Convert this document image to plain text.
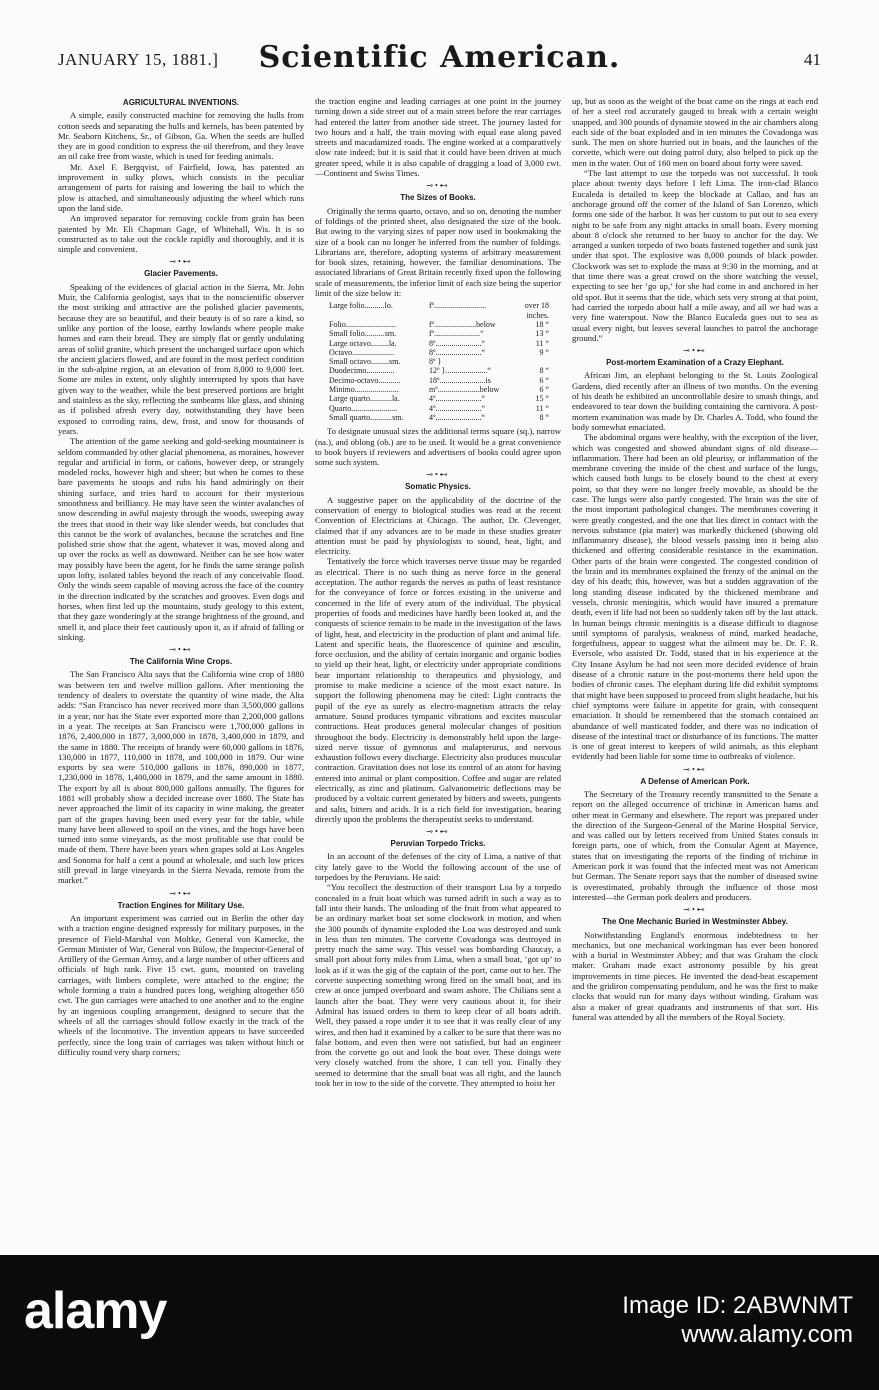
JANUARY 15, 1881.]	Scientific American.	41
AGRICULTURAL INVENTIONS.

A simple, easily constructed machine for removing the hulls from cotton seeds and separating the hulls and kernels, has been patented by Mr. Seaborn Kitchens, Sr., of Gibson, Ga. When the seeds are hulled they are in good condition to express the oil therefrom, and they leave an oil cake free from waste, which is used for feeding animals.

Mr. Axel F. Bergqvist, of Fairfield, Iowa, has patented an improvement in sulky plows, which consists in the peculiar arrangement of parts for raising and lowering the bail to which the plow is attached, and simultaneously adjusting the wheel which runs upon the land side.

An improved separator for removing cockle from grain has been patented by Mr. Eli Chapman Gage, of Whitehall, Wis. It is so constructed as to take out the cockle rapidly and thoroughly, and it is simple and convenient.

⊸•⊷
Glacier Pavements.

Speaking of the evidences of glacial action in the Sierra, Mr. John Muir, the California geologist, says that to the nonscientific observer the most striking and attractive are the polished glacier pavements, because they are so beautiful, and their beauty is of so rare a kind, so unlike any portion of the loose, earthy lowlands where people make homes and earn their bread. They are simply flat or gently undulating areas of solid granite, which present the unchanged surface upon which the ancient glaciers flowed, and are found in the most perfect condition in the sub-alpine region, at an elevation of from 8,000 to 9,000 feet. Some are miles in extent, only slightly interrupted by spots that have given way to the weather, while the best preserved portions are bright and stainless as the sky, reflecting the sunbeams like glass, and shining as if polished afresh every day, notwithstanding they have been exposed to corroding rains, dew, frost, and snow for thousands of years.

The attention of the game seeking and gold-seeking mountaineer is seldom commanded by other glacial phenomena, as moraines, however regular and artificial in form, or cañons, however deep, or strangely modeled rocks, however high and sheer; but when he comes to these bare pavements he stoops and rubs his hand admiringly on their shining surface, and tries hard to account for their mysterious smoothness and brilliancy. He may have seen the winter avalanches of snow descending in awful majesty through the woods, sweeping away the trees that stood in their way like slender weeds, but concludes that this cannot be the work of avalanches, because the scratches and fine polished strie show that the agent, whatever it was, moved along and up over the rocks as well as downward. Neither can he see how water may possibly have been the agent, for he finds the same strange polish upon lofty, isolated tables beyond the reach of any conceivable flood. Only the winds seem capable of moving across the face of the country in the direction indicated by the scratches and grooves. Even dogs and horses, when first led up the mountains, study geology to this extent, that they gaze wonderingly at the strange brightness of the ground, and smell it, and place their feet cautiously upon it, as if afraid of falling or sinking.

⊸•⊷
The California Wine Crops.

The San Francisco Alta says that the California wine crop of 1880 was between ten and twelve million gallons. After mentioning the tendency of dealers to overstate the quantity of wine made, the Alta adds: “San Francisco has never received more than 3,500,000 gallons in a year, nor has the State ever exported more than 2,200,000 gallons in a year. The receipts at San Francisco were 1,700,000 gallons in 1876, 2,400,000 in 1877, 3,000,000 in 1878, 3,400,000 in 1879, and the same in 1880. The receipts of brandy were 60,000 gallons in 1876, 130,000 in 1877, 110,000 in 1878, and 100,000 in 1879. Our wine exports by sea were 510,000 gallons in 1876, 890,000 in 1877, 1,230,000 in 1878, 1,400,000 in 1879, and the same amount in 1880. The export by all is about 800,000 gallons annually. The figures for 1881 will probably show a decided increase over 1880. The State has never approached the limit of its capacity in wine making, the greater part of the grapes having been used every year for the table, while many have been allowed to spoil on the vines, and the hogs have been turned into some vineyards, as the most profitable use that could be made of them. There have been years when grapes sold at Los Angeles and Sonoma for half a cent a pound at wholesale, and such low prices still prevail in large vineyards in the Sierra Nevada, remote from the market.”

⊸•⊷
Traction Engines for Military Use.

An important experiment was carried out in Berlin the other day with a traction engine designed expressly for military purposes, in the presence of Field-Marshal von Moltke, General von Kamecke, the German Minister of War, General von Bülow, the Inspector-General of Artillery of the German Army, and a large number of other officers and officials of high rank. Five 15 cwt. guns, mounted on traveling carriages, with limbers complete, were attached to the engine; the whole forming a train a hundred paces long, weighing altogether 650 cwt. The gun carriages were attached to one another and to the engine by an ingenious coupling arrangement, designed to secure that the wheels of all the carriages should follow exactly in the track of the wheels of the locomotive. The invention appears to have succeeded perfectly, since the long train of carriages was taken without hitch or difficulty round very sharp corners;

the traction engine and leading carriages at one point in the journey turning down a side street out of a main street before the rear carriages had entered the latter from another side street. The journey lasted for two hours and a half, the train moving with equal ease along paved streets and macadamized roads. The engine worked at a comparatively slow rate indeed; but it is said that it could have been driven at much greater speed, while it is also capable of dragging a load of 3,000 cwt.—Continent and Swiss Times.

⊸•⊷
The Sizes of Books.

Originally the terms quarto, octavo, and so on, denoting the number of foldings of the printed sheet, also designated the size of the book. But owing to the varying sizes of paper now used in bookmaking the size of a book can no longer be inferred from the number of foldings. Librarians are, therefore, adopting systems of arbitrary measurement for book sizes, retaining, however, the familiar denominations. The associated librarians of Great Britain recently fixed upon the following scale of measurements, the inferior limit of each size being the superior limit of the size below it:

Large folio..........lo.	fº..........................	over 18 inches.
Folio.........................	fº.....................below	18 “
Small folio..........sm.	fº.......................“	13 “
Large octavo.........la.	8º.......................“	11 “
Octavo.....................	8º.......................“	9 “
Small octavo.........sm.	8º }
Duodecimo..............	12º }.....................“	8 “
Decimo-octavo...........	18º.......................is	6 “
Minimo......................	mº.....................below	6 “
Large quarto...........la.	4º.......................“	15 “
Quarto.......................	4º.......................“	11 “
Small quarto...........sm.	4º.......................“	8 “

To designate unusual sizes the additional terms square (sq.), narrow (na.), and oblong (ob.) are to be used. It would be a great convenience to book buyers if reviewers and advertisers of books could agree upon some such system.

⊸•⊷
Somatic Physics.

A suggestive paper on the applicability of the doctrine of the conservation of energy to biological studies was read at the recent Convention of Electricians at Chicago. The author, Dr. Clevenger, claimed that if any advances are to be made in these studies greater attention must be paid by physiologists to sound, heat, light, and electricity.

Tentatively the force which traverses nerve tissue may be regarded as electrical. There is no such thing as nerve force in the general acceptation. The author regards the nerves as paths of least resistance for the conveyance of force or forces existing in the universe and concerned in the life of every atom of the individual. The physical properties of foods and medicines have hardly been looked at, and the conquests of science remain to be made in the investigation of the laws of light, heat, and electricity in the production of plant and animal life. Latent and specific heats, the fluorescence of quinine and æsculin, force occlusion, and the ability of certain inorganic and organic bodies to yield up their heat, light, or electricity under appropriate conditions bear important relationship to therapeutics and physiology, and promise to make medicine a science of the most exact nature. In support the following phenomena may be cited: Light contracts the pupil of the eye as surely as electro-magnetism attracts the relay armature. Sound produces tympanic vibrations and excites muscular contractions. Heat produces general molecular changes of position throughout the body. Electricity is demonstrably held upon the large-sized nerve tissue of gymnotus and malapterurus, and nervous exhaustion follows every discharge. Electricity also produces muscular contraction. Gravitation does not lose its control of an atom for having entered into animal or plant composition. Coffee and sugar are related electrically, as zinc and platinum. Galvanometric deflections may be produced by a voltaic current generated by bitters and sweets, pungents and salts, bitters and acids. It is a rich field for investigation, bearing directly upon the problems the therapeutist seeks to understand.

⊸•⊷
Peruvian Torpedo Tricks.

In an account of the defenses of the city of Lima, a native of that city lately gave to the World the following account of the use of torpedoes by the Peruvians. He said:

“You recollect the destruction of their transport Loa by a torpedo concealed in a fruit boat which was turned adrift in such a way as to fall into their hands. The unloading of the fruit from what appeared to be an ordinary market boat set some clockwork in motion, and when the 300 pounds of dynamite exploded the Loa was destroyed and sunk in less than ten minutes. The corvette Covadonga was destroyed in pretty much the same way. This vessel was bombarding Chaucay, a small port about forty miles from Lima, when a small boat, ‘got up’ to look as if it was the gig of the captain of the port, came out to her. The corvette suspecting something wrong fired on the small boat, and its crew at once jumped overboard and swam ashore. The Chilians sent a launch after the boat. They were very cautious about it, for their Admiral has issued orders to them to keep clear of all boats adrift. Well, they passed a rope under it to see that it was really clear of any wires, and then had it examined by a calker to be sure that there was no false bottom, and even then were not satisfied, but had an engineer from the corvette go out and look the boat over. These doings were very closely watched from the shore, I can tell you. Finally they seemed to determine that the small boat was all right, and the launch took her in tow to the side of the corvette. They attempted to hoist her

up, but as soon as the weight of the boat came on the rings at each end of her a steel rod accurately gauged to break with a certain weight snapped, and 300 pounds of dynamite stowed in the air chambers along each side of the boat exploded and in ten minutes the Covadonga was sunk. The men on shore hurried out in boats, and the launches of the corvette, which were out doing patrol duty, also helped to pick up the men in the water. Out of 160 men on board about forty were saved.

“The last attempt to use the torpedo was not successful. It took place about twenty days before I left Lima. The iron-clad Blanco Eucaleda is detailed to keep the blockade at Callao, and has an anchorage ground off the corner of the Island of San Lorenzo, which forms one side of the harbor. It was her custom to put out to sea every night to be safe from any night attacks in small boats. Every morning about 8 o'clock she returned to her buoy to anchor for the day. We arranged a sunken torpedo of two boats fastened together and sunk just under that spot. The explosive was 8,000 pounds of black powder. Clockwork was set to explode the mass at 9:30 in the morning, and at that time there was a great crowd on the shore watching the vessel, expecting to see her ‘go up,’ for she had come in and anchored in her old spot. But it seems that the tide, which sets very strong at that point, had carried the torpedo about half a mile away, and all we had was a very fine waterspout. Now the Blanco Eucaleda goes out to sea as usual every night, but leaves several launches to patrol the anchorage ground.”

⊸•⊷
Post-mortem Examination of a Crazy Elephant.

African Jim, an elephant belonging to the St. Louis Zoological Gardens, died recently after an illness of two months. On the evening of his death he exhibited an uncontrollable desire to smash things, and endeavored to tear down the building containing the carnivora. A post-mortem examination was made by Dr. Charles A. Todd, who found the body somewhat emaciated.

The abdominal organs were healthy, with the exception of the liver, which was congested and showed abundant signs of old disease—inflammation. There had been an old pleurisy, or inflammation of the membrane covering the inside of the chest and surface of the lungs, which caused both lungs to be closely bound to the chest at every point, so that they were no longer freely movable, as should be the case. The lungs were also partly congested. The brain was the site of the most important pathological changes. The membranes covering it were greatly congested, and the one that lies direct in contact with the nervous substance (pia mater) was markedly thickened (showing old inflammatory disease), the blood vessels passing into it being also thickened and offering considerable resistance in the examination. Other parts of the brain were congested. The congested condition of the brain and its membranes explained the frenzy of the animal on the day of his death; this, however, was but a sudden aggravation of the long standing disease indicated by the thickened membrane and vessels, chronic meningitis, which would have insured a premature death, even if life had not been so suddenly taken off by the last attack. In human beings chronic meningitis is a disease difficult to diagnose until symptoms of paralysis, weakness of mind, marked headache, forgetfulness, appear to suggest what the ailment may be. Dr. F. R. Eversole, who assisted Dr. Todd, stated that in his experience at the City Insane Asylum he had not seen more decided evidence of brain disease of a chronic nature in the post-mortems there held upon the bodies of chronic cases. The elephant during life did exhibit symptoms that might have been supposed to proceed from slight headache, but his chief symptoms were failure in appetite for grain, with consequent emaciation. It should be remembered that the stomach contained an abundance of well masticated fodder, and there was no indication of disease of the intestinal tract or disturbance of its functions. The matter is one of great interest to keepers of wild animals, as this elephant evidently had been liable for some time to outbreaks of violence.

⊸•⊷
A Defense of American Pork.

The Secretary of the Treasury recently transmitted to the Senate a report on the alleged occurrence of trichinæ in American hams and other meat in Germany and elsewhere. The report was prepared under the direction of the Surgeon-General of the Marine Hospital Service, and was called out by letters received from United States consuls in foreign parts, one of which, from the Consular Agent at Mayence, states that on investigating the reports of the finding of trichinæ in American pork it was found that the infected meat was not American but German. The Senate report says that the number of diseased swine is overestimated, probably through the influence of those most interested—the German pork dealers and producers.

⊸•⊷
The One Mechanic Buried in Westminster Abbey.

Notwithstanding England's enormous indebtedness to her mechanics, but one mechanical workingman has ever been honored with a burial in Westminster Abbey; and that was Graham the clock maker. Graham made exact astronomy possible by his great improvements in time pieces. He invented the dead-beat escapement and the gridiron compensating pendulum, and he was the first to make clocks that would run for many days without winding. Graham was also a maker of great quadrants and instruments of that sort. His funeral was attended by all the members of the Royal Society.

alamy	Image ID: 2ABWNMT
www.alamy.com
